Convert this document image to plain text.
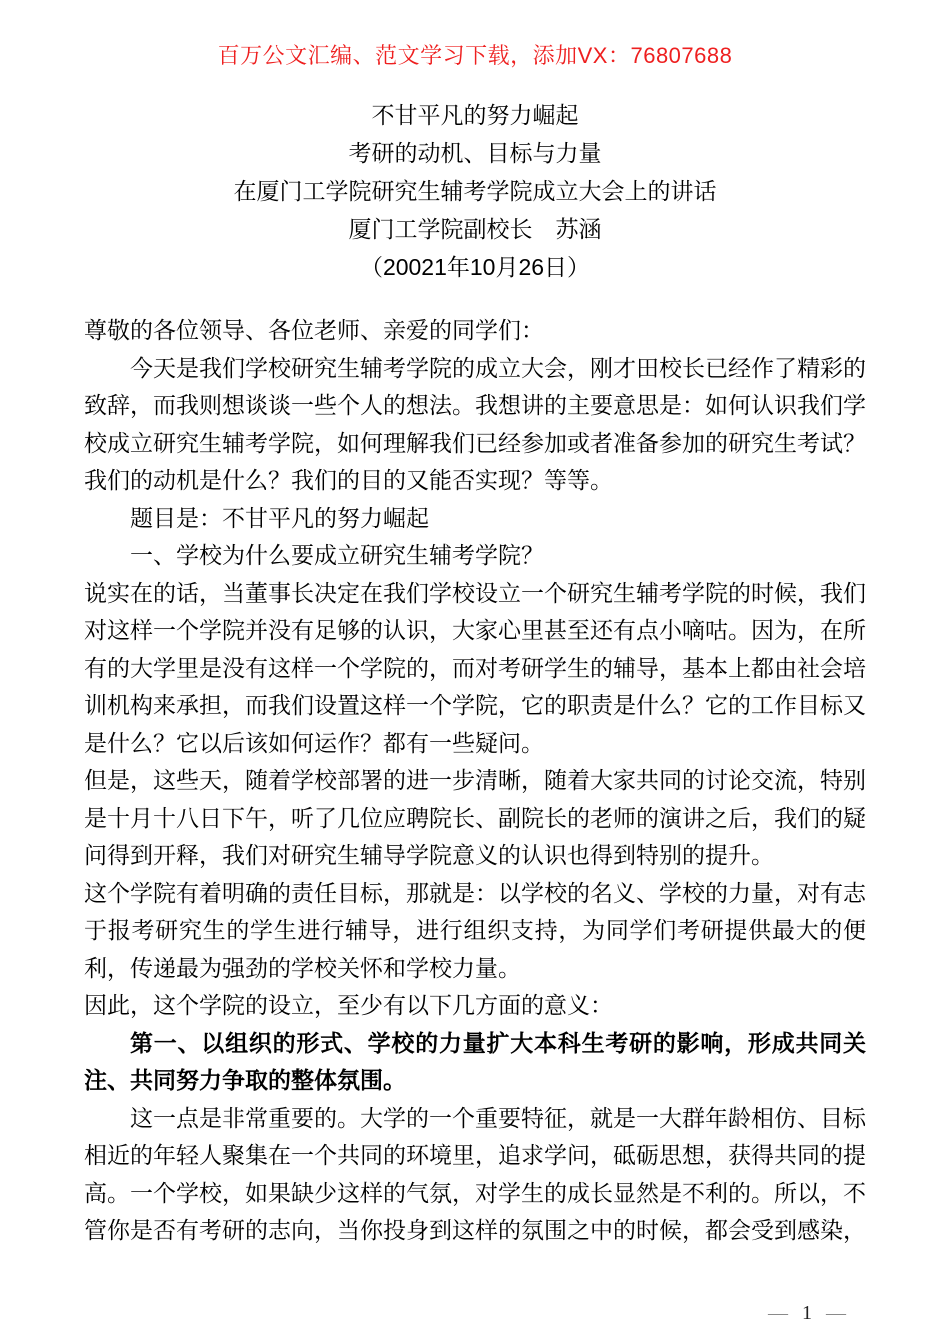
百万公文汇编、范文学习下载，添加VX：76807688
不甘平凡的努力崛起
考研的动机、目标与力量
在厦门工学院研究生辅考学院成立大会上的讲话
厦门工学院副校长　苏涵
（20021年10月26日）

尊敬的各位领导、各位老师、亲爱的同学们：

今天是我们学校研究生辅考学院的成立大会，刚才田校长已经作了精彩的致辞，而我则想谈谈一些个人的想法。我想讲的主要意思是：如何认识我们学校成立研究生辅考学院，如何理解我们已经参加或者准备参加的研究生考试？我们的动机是什么？我们的目的又能否实现？等等。

题目是：不甘平凡的努力崛起

一、学校为什么要成立研究生辅考学院？

说实在的话，当董事长决定在我们学校设立一个研究生辅考学院的时候，我们对这样一个学院并没有足够的认识，大家心里甚至还有点小嘀咕。因为，在所有的大学里是没有这样一个学院的，而对考研学生的辅导，基本上都由社会培训机构来承担，而我们设置这样一个学院，它的职责是什么？它的工作目标又是什么？它以后该如何运作？都有一些疑问。

但是，这些天，随着学校部署的进一步清晰，随着大家共同的讨论交流，特别是十月十八日下午，听了几位应聘院长、副院长的老师的演讲之后，我们的疑问得到开释，我们对研究生辅导学院意义的认识也得到特别的提升。

这个学院有着明确的责任目标，那就是：以学校的名义、学校的力量，对有志于报考研究生的学生进行辅导，进行组织支持，为同学们考研提供最大的便利，传递最为强劲的学校关怀和学校力量。

因此，这个学院的设立，至少有以下几方面的意义：

第一、以组织的形式、学校的力量扩大本科生考研的影响，形成共同关注、共同努力争取的整体氛围。

这一点是非常重要的。大学的一个重要特征，就是一大群年龄相仿、目标相近的年轻人聚集在一个共同的环境里，追求学问，砥砺思想，获得共同的提高。一个学校，如果缺少这样的气氛，对学生的成长显然是不利的。所以，不管你是否有考研的志向，当你投身到这样的氛围之中的时候，都会受到感染，

— 1 —
